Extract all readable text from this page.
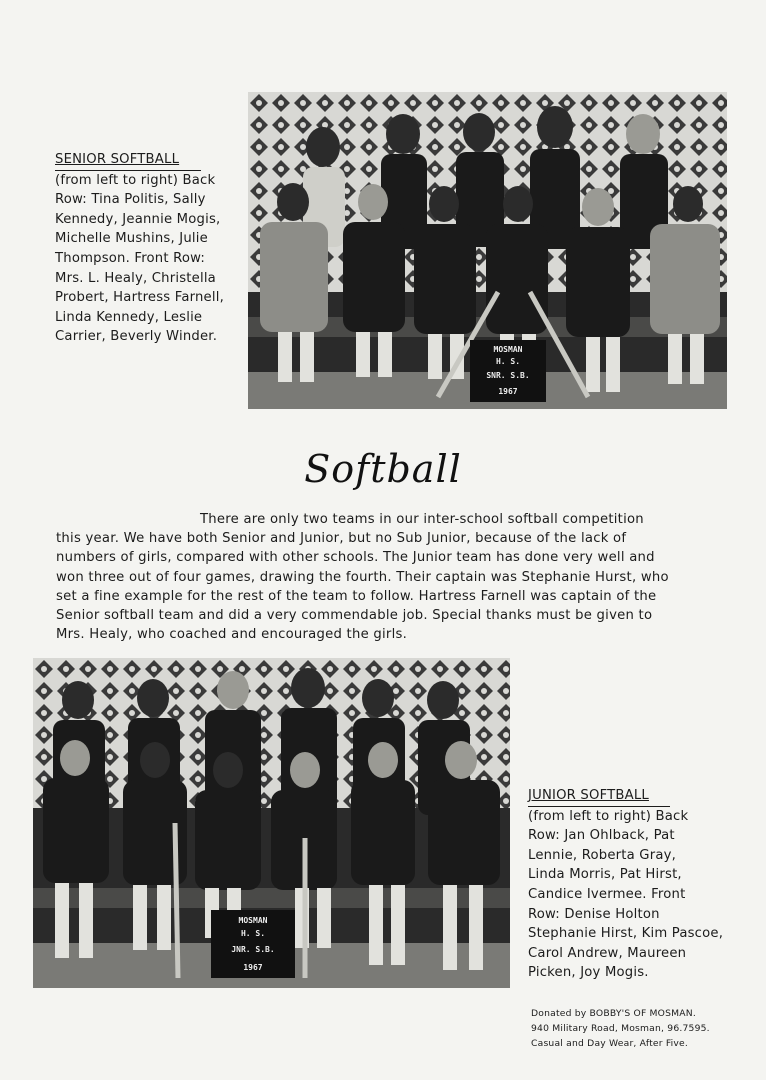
SENIOR SOFTBALL
(from left to right) Back
Row: Tina Politis, Sally
Kennedy, Jeannie Mogis,
Michelle Mushins, Julie
Thompson. Front Row:
Mrs. L. Healy, Christella
Probert, Hartress Farnell,
Linda Kennedy, Leslie
Carrier, Beverly Winder.
MOSMAN
H. S.
SNR. S.B.
1967
Softball
There are only two teams in our inter-school softball competition
this year. We have both Senior and Junior, but no Sub Junior, because of the lack of
numbers of girls, compared with other schools. The Junior team has done very well and
won three out of four games, drawing the fourth. Their captain was Stephanie Hurst, who
set a fine example for the rest of the team to follow. Hartress Farnell was captain of the
Senior softball team and did a very commendable job. Special thanks must be given to
Mrs. Healy, who coached and encouraged the girls.
MOSMAN
H. S.
JNR. S.B.
1967
JUNIOR SOFTBALL
(from left to right) Back
Row: Jan Ohlback, Pat
Lennie, Roberta Gray,
Linda Morris, Pat Hirst,
Candice Ivermee. Front
Row: Denise Holton
Stephanie Hirst, Kim Pascoe,
Carol Andrew, Maureen
Picken, Joy Mogis.
Donated by BOBBY'S OF MOSMAN.
940 Military Road, Mosman, 96.7595.
Casual and Day Wear, After Five.
